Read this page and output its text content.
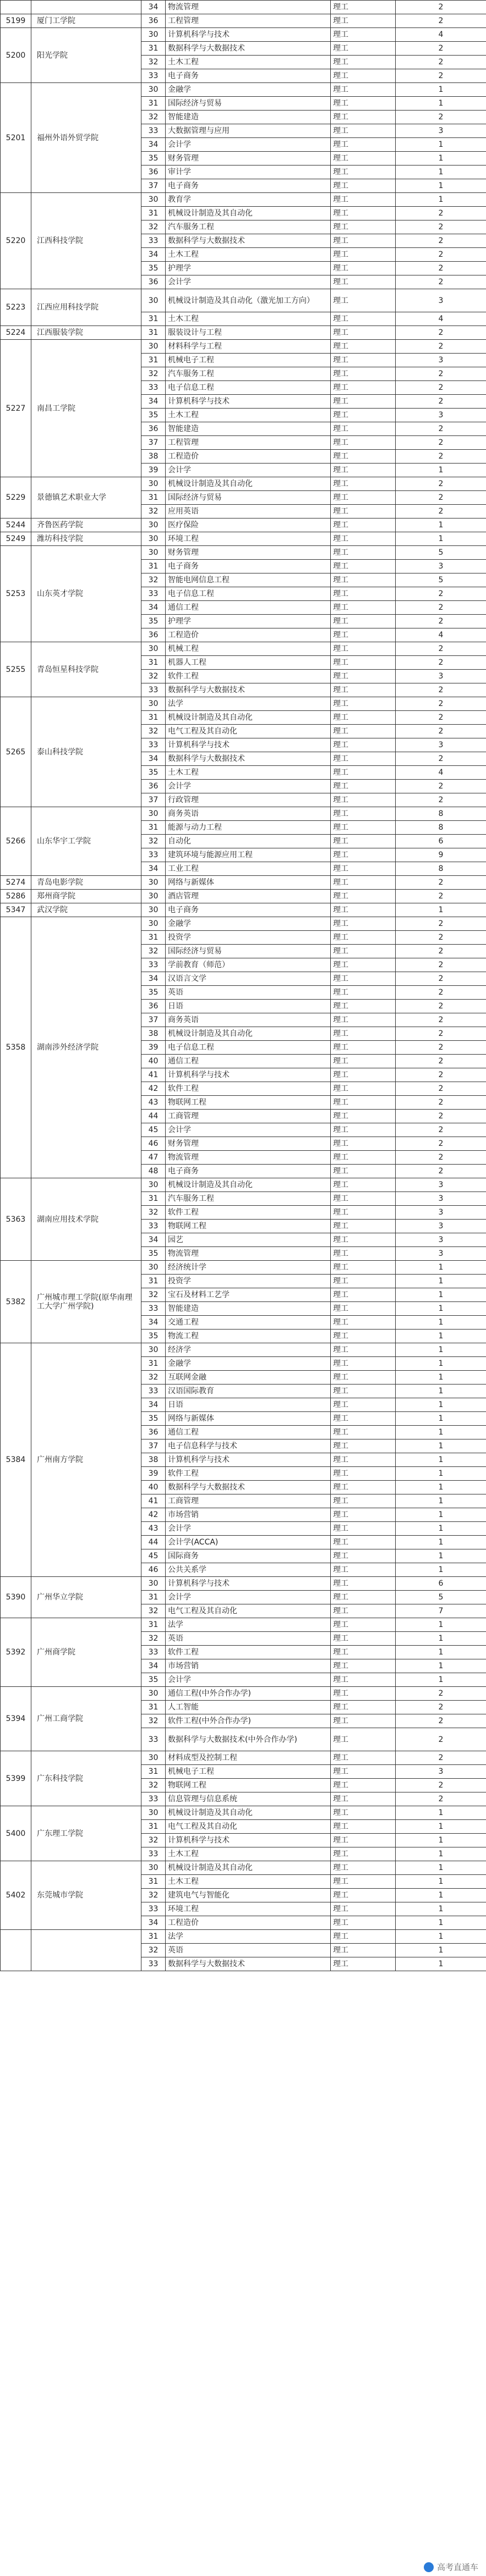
		34	物流管理	理工	2
5199	厦门工学院	36	工程管理	理工	2
5200	阳光学院	30	计算机科学与技术	理工	4
		31	数据科学与大数据技术	理工	2
		32	土木工程	理工	2
		33	电子商务	理工	2
5201	福州外语外贸学院	30	金融学	理工	1
		31	国际经济与贸易	理工	1
		32	智能建造	理工	2
		33	大数据管理与应用	理工	3
		34	会计学	理工	1
		35	财务管理	理工	1
		36	审计学	理工	1
		37	电子商务	理工	1
5220	江西科技学院	30	教育学	理工	1
		31	机械设计制造及其自动化	理工	2
		32	汽车服务工程	理工	2
		33	数据科学与大数据技术	理工	2
		34	土木工程	理工	2
		35	护理学	理工	2
		36	会计学	理工	2
5223	江西应用科技学院	30	机械设计制造及其自动化（激光加工方向）	理工	3
		31	土木工程	理工	4
5224	江西服装学院	31	服装设计与工程	理工	2
5227	南昌工学院	30	材料科学与工程	理工	2
		31	机械电子工程	理工	3
		32	汽车服务工程	理工	2
		33	电子信息工程	理工	2
		34	计算机科学与技术	理工	2
		35	土木工程	理工	3
		36	智能建造	理工	2
		37	工程管理	理工	2
		38	工程造价	理工	2
		39	会计学	理工	1
5229	景德镇艺术职业大学	30	机械设计制造及其自动化	理工	2
		31	国际经济与贸易	理工	2
		32	应用英语	理工	2
5244	齐鲁医药学院	30	医疗保险	理工	1
5249	潍坊科技学院	30	环境工程	理工	1
5253	山东英才学院	30	财务管理	理工	5
		31	电子商务	理工	3
		32	智能电网信息工程	理工	5
		33	电子信息工程	理工	2
		34	通信工程	理工	2
		35	护理学	理工	2
		36	工程造价	理工	4
5255	青岛恒星科技学院	30	机械工程	理工	2
		31	机器人工程	理工	2
		32	软件工程	理工	3
		33	数据科学与大数据技术	理工	2
5265	泰山科技学院	30	法学	理工	2
		31	机械设计制造及其自动化	理工	2
		32	电气工程及其自动化	理工	2
		33	计算机科学与技术	理工	3
		34	数据科学与大数据技术	理工	2
		35	土木工程	理工	4
		36	会计学	理工	2
		37	行政管理	理工	2
5266	山东华宇工学院	30	商务英语	理工	8
		31	能源与动力工程	理工	8
		32	自动化	理工	6
		33	建筑环境与能源应用工程	理工	9
		34	工业工程	理工	8
5274	青岛电影学院	30	网络与新媒体	理工	2
5286	郑州商学院	30	酒店管理	理工	2
5347	武汉学院	30	电子商务	理工	1
5358	湖南涉外经济学院	30	金融学	理工	2
		31	投资学	理工	2
		32	国际经济与贸易	理工	2
		33	学前教育（师范）	理工	2
		34	汉语言文学	理工	2
		35	英语	理工	2
		36	日语	理工	2
		37	商务英语	理工	2
		38	机械设计制造及其自动化	理工	2
		39	电子信息工程	理工	2
		40	通信工程	理工	2
		41	计算机科学与技术	理工	2
		42	软件工程	理工	2
		43	物联网工程	理工	2
		44	工商管理	理工	2
		45	会计学	理工	2
		46	财务管理	理工	2
		47	物流管理	理工	2
		48	电子商务	理工	2
5363	湖南应用技术学院	30	机械设计制造及其自动化	理工	3
		31	汽车服务工程	理工	3
		32	软件工程	理工	3
		33	物联网工程	理工	3
		34	园艺	理工	3
		35	物流管理	理工	3
5382	广州城市理工学院(原华南理工大学广州学院)	30	经济统计学	理工	1
		31	投资学	理工	1
		32	宝石及材料工艺学	理工	1
		33	智能建造	理工	1
		34	交通工程	理工	1
		35	物流工程	理工	1
5384	广州南方学院	30	经济学	理工	1
		31	金融学	理工	1
		32	互联网金融	理工	1
		33	汉语国际教育	理工	1
		34	日语	理工	1
		35	网络与新媒体	理工	1
		36	通信工程	理工	1
		37	电子信息科学与技术	理工	1
		38	计算机科学与技术	理工	1
		39	软件工程	理工	1
		40	数据科学与大数据技术	理工	1
		41	工商管理	理工	1
		42	市场营销	理工	1
		43	会计学	理工	1
		44	会计学(ACCA)	理工	1
		45	国际商务	理工	1
		46	公共关系学	理工	1
5390	广州华立学院	30	计算机科学与技术	理工	6
		31	会计学	理工	5
		32	电气工程及其自动化	理工	7
5392	广州商学院	31	法学	理工	1
		32	英语	理工	1
		33	软件工程	理工	1
		34	市场营销	理工	1
		35	会计学	理工	1
5394	广州工商学院	30	通信工程(中外合作办学)	理工	2
		31	人工智能	理工	2
		32	软件工程(中外合作办学)	理工	2
		33	数据科学与大数据技术(中外合作办学)	理工	2
5399	广东科技学院	30	材料成型及控制工程	理工	2
		31	机械电子工程	理工	3
		32	物联网工程	理工	2
		33	信息管理与信息系统	理工	2
5400	广东理工学院	30	机械设计制造及其自动化	理工	1
		31	电气工程及其自动化	理工	1
		32	计算机科学与技术	理工	1
		33	土木工程	理工	1
5402	东莞城市学院	30	机械设计制造及其自动化	理工	1
		31	土木工程	理工	1
		32	建筑电气与智能化	理工	1
		33	环境工程	理工	1
		34	工程造价	理工	1
		31	法学	理工	1
		32	英语	理工	1
		33	数据科学与大数据技术	理工	1
高考直通车
